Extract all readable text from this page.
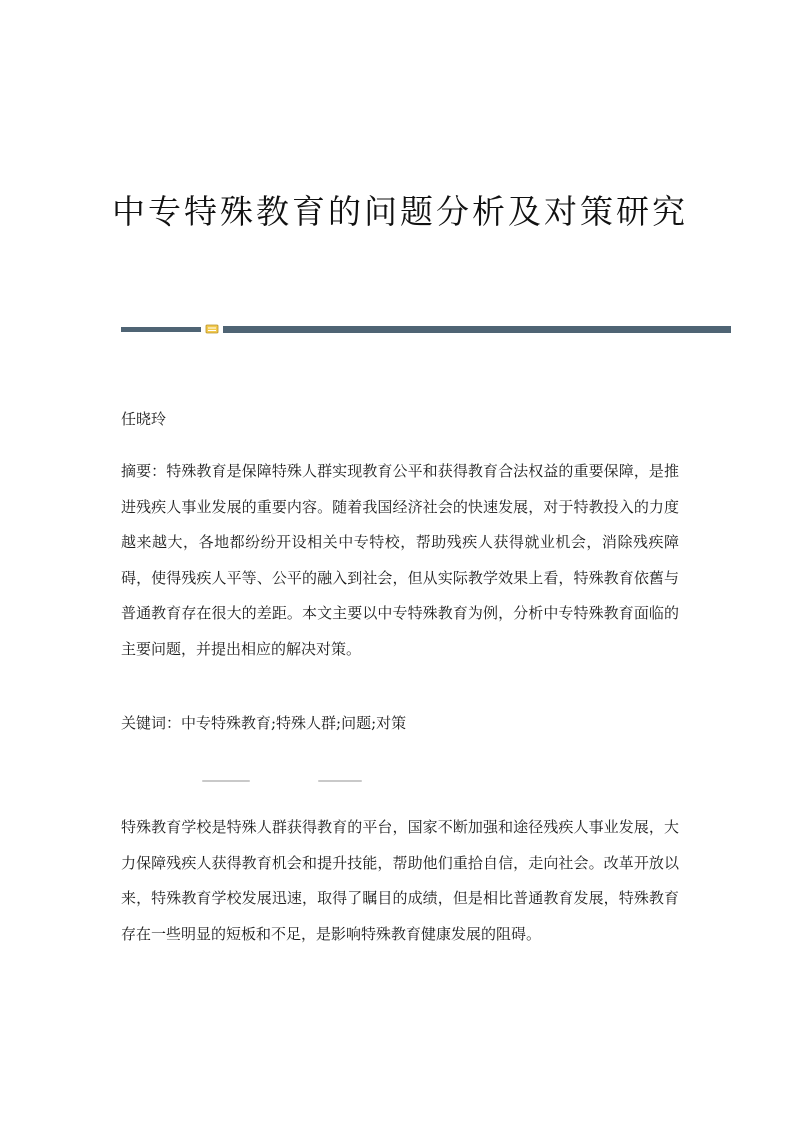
中专特殊教育的问题分析及对策研究

任晓玲

摘要：特殊教育是保障特殊人群实现教育公平和获得教育合法权益的重要保障，是推进残疾人事业发展的重要内容。随着我国经济社会的快速发展，对于特教投入的力度越来越大，各地都纷纷开设相关中专特校，帮助残疾人获得就业机会，消除残疾障碍，使得残疾人平等、公平的融入到社会，但从实际教学效果上看，特殊教育依舊与普通教育存在很大的差距。本文主要以中专特殊教育为例，分析中专特殊教育面临的主要问题，并提出相应的解决对策。

关键词：中专特殊教育;特殊人群;问题;对策

特殊教育学校是特殊人群获得教育的平台，国家不断加强和途径残疾人事业发展，大力保障残疾人获得教育机会和提升技能，帮助他们重拾自信，走向社会。改革开放以来，特殊教育学校发展迅速，取得了瞩目的成绩，但是相比普通教育发展，特殊教育存在一些明显的短板和不足，是影响特殊教育健康发展的阻碍。
